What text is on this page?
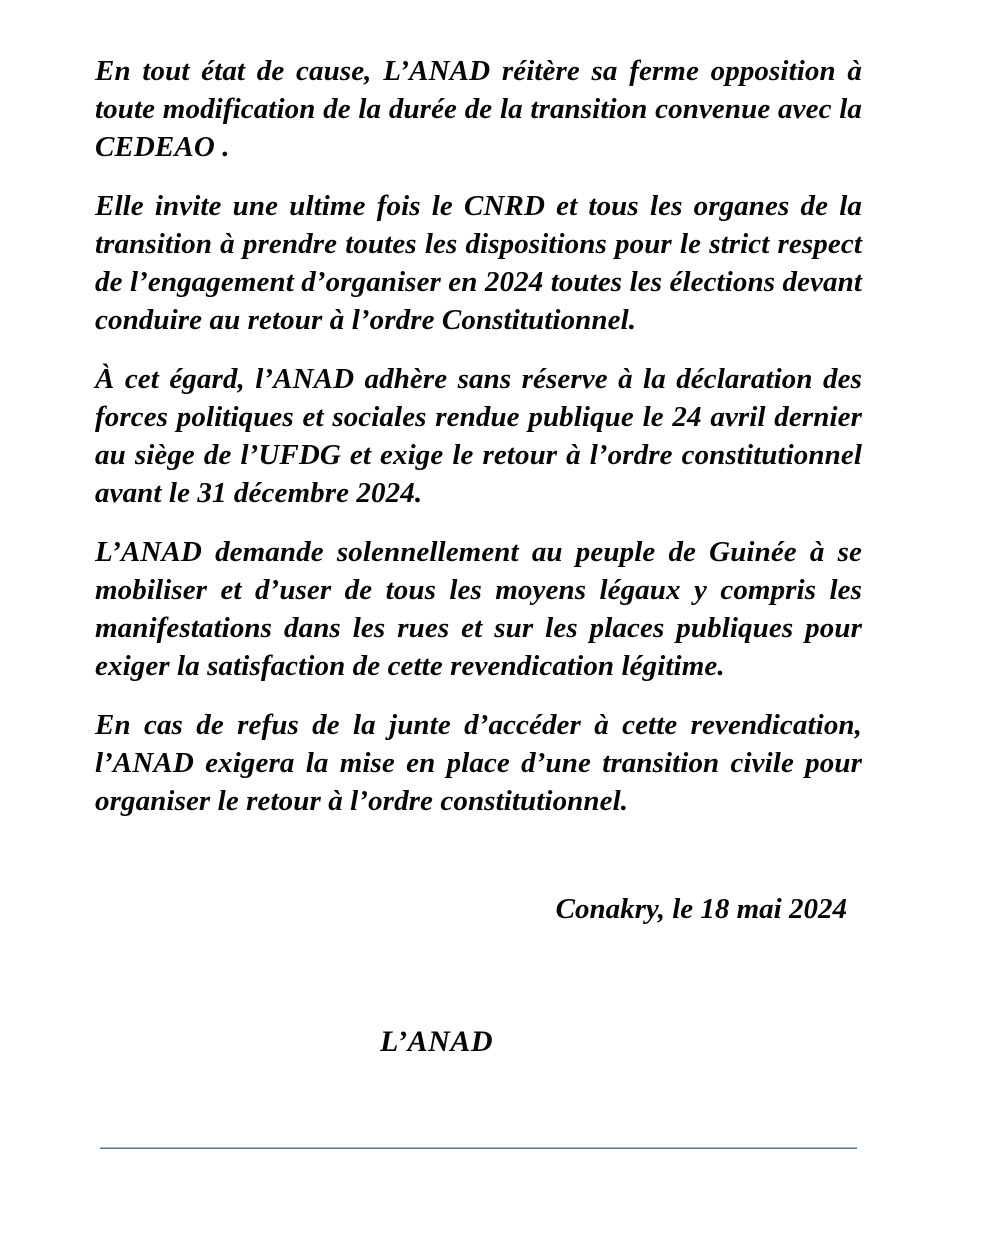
En tout état de cause, L’ANAD réitère sa ferme opposition à toute modification de la durée de la transition convenue avec la CEDEAO .

Elle invite une ultime fois le CNRD et tous les organes de la transition à prendre toutes les dispositions pour le strict respect de l’engagement d’organiser en 2024 toutes les élections devant conduire au retour à l’ordre Constitutionnel.

À cet égard, l’ANAD adhère sans réserve à la déclaration des forces politiques et sociales rendue publique le 24 avril dernier au siège de l’UFDG et exige le retour à l’ordre constitutionnel avant le 31 décembre 2024.

L’ANAD demande solennellement au peuple de Guinée à se mobiliser et d’user de tous les moyens légaux y compris les manifestations dans les rues et sur les places publiques pour exiger la satisfaction de cette revendication légitime.

En cas de refus de la junte d’accéder à cette revendication, l’ANAD exigera la mise en place d’une transition civile pour organiser le retour à l’ordre constitutionnel.

Conakry, le 18 mai 2024
L’ANAD
